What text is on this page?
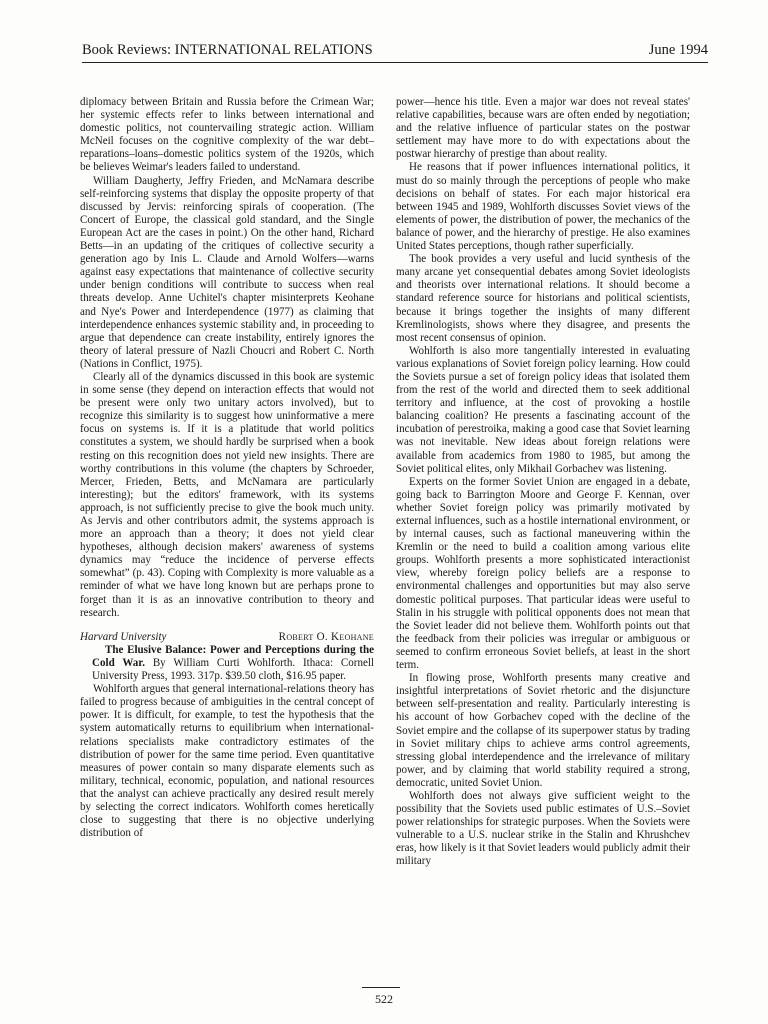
Book Reviews: INTERNATIONAL RELATIONS	June 1994

diplomacy between Britain and Russia before the Crimean War; her systemic effects refer to links between international and domestic politics, not countervailing strategic action. William McNeil focuses on the cognitive complexity of the war debt–reparations–loans–domestic politics system of the 1920s, which be believes Weimar's leaders failed to understand.

William Daugherty, Jeffry Frieden, and McNamara describe self-reinforcing systems that display the opposite property of that discussed by Jervis: reinforcing spirals of cooperation. (The Concert of Europe, the classical gold standard, and the Single European Act are the cases in point.) On the other hand, Richard Betts—in an updating of the critiques of collective security a generation ago by Inis L. Claude and Arnold Wolfers—warns against easy expectations that maintenance of collective security under benign conditions will contribute to success when real threats develop. Anne Uchitel's chapter misinterprets Keohane and Nye's Power and Interdependence (1977) as claiming that interdependence enhances systemic stability and, in proceeding to argue that dependence can create instability, entirely ignores the theory of lateral pressure of Nazli Choucri and Robert C. North (Nations in Conflict, 1975).

Clearly all of the dynamics discussed in this book are systemic in some sense (they depend on interaction effects that would not be present were only two unitary actors involved), but to recognize this similarity is to suggest how uninformative a mere focus on systems is. If it is a platitude that world politics constitutes a system, we should hardly be surprised when a book resting on this recognition does not yield new insights. There are worthy contributions in this volume (the chapters by Schroeder, Mercer, Frieden, Betts, and McNamara are particularly interesting); but the editors' framework, with its systems approach, is not sufficiently precise to give the book much unity. As Jervis and other contributors admit, the systems approach is more an approach than a theory; it does not yield clear hypotheses, although decision makers' awareness of systems dynamics may “reduce the incidence of perverse effects somewhat” (p. 43). Coping with Complexity is more valuable as a reminder of what we have long known but are perhaps prone to forget than it is as an innovative contribution to theory and research.

Harvard University	Robert O. Keohane

The Elusive Balance: Power and Perceptions during the Cold War. By William Curti Wohlforth. Ithaca: Cornell University Press, 1993. 317p. $39.50 cloth, $16.95 paper.

Wohlforth argues that general international-relations theory has failed to progress because of ambiguities in the central concept of power. It is difficult, for example, to test the hypothesis that the system automatically returns to equilibrium when international-relations specialists make contradictory estimates of the distribution of power for the same time period. Even quantitative measures of power contain so many disparate elements such as military, technical, economic, population, and national resources that the analyst can achieve practically any desired result merely by selecting the correct indicators. Wohlforth comes heretically close to suggesting that there is no objective underlying distribution of

power—hence his title. Even a major war does not reveal states' relative capabilities, because wars are often ended by negotiation; and the relative influence of particular states on the postwar settlement may have more to do with expectations about the postwar hierarchy of prestige than about reality.

He reasons that if power influences international politics, it must do so mainly through the perceptions of people who make decisions on behalf of states. For each major historical era between 1945 and 1989, Wohlforth discusses Soviet views of the elements of power, the distribution of power, the mechanics of the balance of power, and the hierarchy of prestige. He also examines United States perceptions, though rather superficially.

The book provides a very useful and lucid synthesis of the many arcane yet consequential debates among Soviet ideologists and theorists over international relations. It should become a standard reference source for historians and political scientists, because it brings together the insights of many different Kremlinologists, shows where they disagree, and presents the most recent consensus of opinion.

Wohlforth is also more tangentially interested in evaluating various explanations of Soviet foreign policy learning. How could the Soviets pursue a set of foreign policy ideas that isolated them from the rest of the world and directed them to seek additional territory and influence, at the cost of provoking a hostile balancing coalition? He presents a fascinating account of the incubation of perestroika, making a good case that Soviet learning was not inevitable. New ideas about foreign relations were available from academics from 1980 to 1985, but among the Soviet political elites, only Mikhail Gorbachev was listening.

Experts on the former Soviet Union are engaged in a debate, going back to Barrington Moore and George F. Kennan, over whether Soviet foreign policy was primarily motivated by external influences, such as a hostile international environment, or by internal causes, such as factional maneuvering within the Kremlin or the need to build a coalition among various elite groups. Wohlforth presents a more sophisticated interactionist view, whereby foreign policy beliefs are a response to environmental challenges and opportunities but may also serve domestic political purposes. That particular ideas were useful to Stalin in his struggle with political opponents does not mean that the Soviet leader did not believe them. Wohlforth points out that the feedback from their policies was irregular or ambiguous or seemed to confirm erroneous Soviet beliefs, at least in the short term.

In flowing prose, Wohlforth presents many creative and insightful interpretations of Soviet rhetoric and the disjuncture between self-presentation and reality. Particularly interesting is his account of how Gorbachev coped with the decline of the Soviet empire and the collapse of its superpower status by trading in Soviet military chips to achieve arms control agreements, stressing global interdependence and the irrelevance of military power, and by claiming that world stability required a strong, democratic, united Soviet Union.

Wohlforth does not always give sufficient weight to the possibility that the Soviets used public estimates of U.S.–Soviet power relationships for strategic purposes. When the Soviets were vulnerable to a U.S. nuclear strike in the Stalin and Khrushchev eras, how likely is it that Soviet leaders would publicly admit their military

522
